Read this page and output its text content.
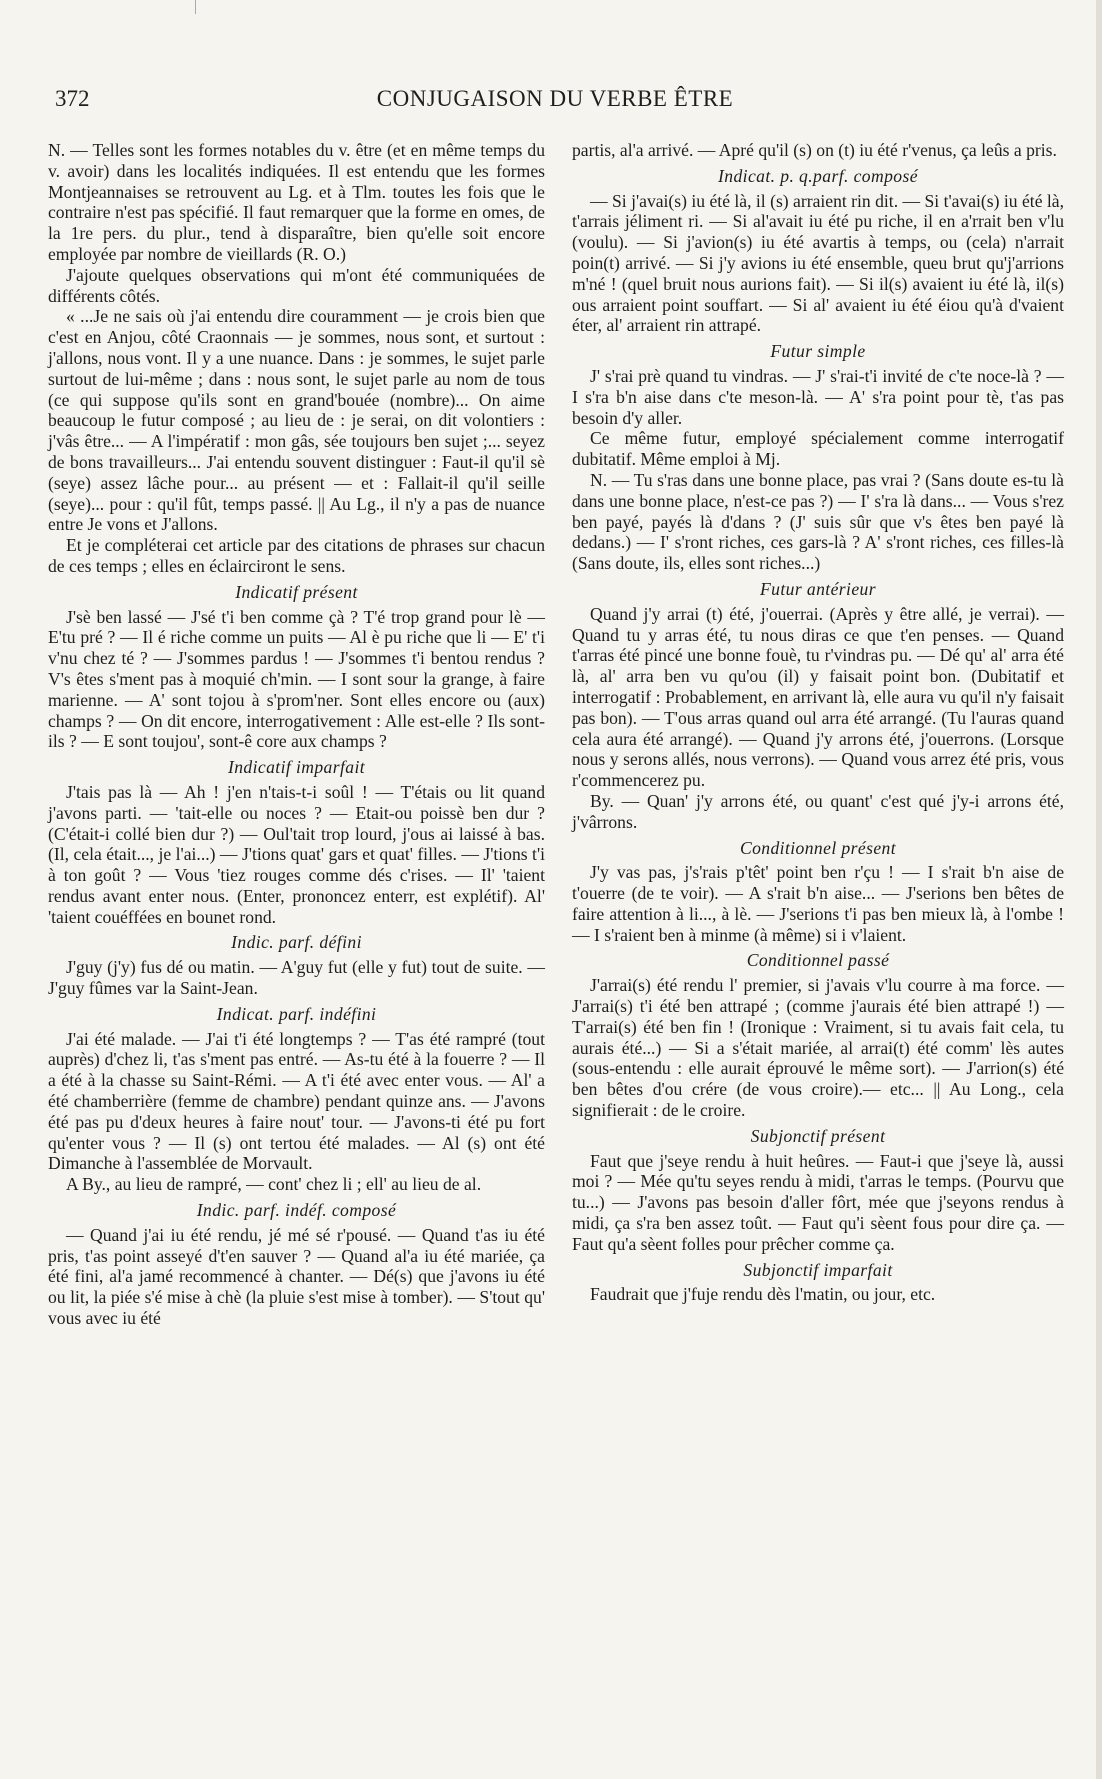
372	CONJUGAISON DU VERBE ÊTRE

N. — Telles sont les formes notables du v. être (et en même temps du v. avoir) dans les localités indiquées. Il est entendu que les formes Montjeannaises se retrouvent au Lg. et à Tlm. toutes les fois que le contraire n'est pas spécifié. Il faut remarquer que la forme en omes, de la 1re pers. du plur., tend à disparaître, bien qu'elle soit encore employée par nombre de vieillards (R. O.)

J'ajoute quelques observations qui m'ont été communiquées de différents côtés.

« ...Je ne sais où j'ai entendu dire couramment — je crois bien que c'est en Anjou, côté Craonnais — je sommes, nous sont, et surtout : j'allons, nous vont. Il y a une nuance. Dans : je sommes, le sujet parle surtout de lui-même ; dans : nous sont, le sujet parle au nom de tous (ce qui suppose qu'ils sont en grand'bouée (nombre)... On aime beaucoup le futur composé ; au lieu de : je serai, on dit volontiers : j'vâs être... — A l'impératif : mon gâs, sée toujours ben sujet ;... seyez de bons travailleurs... J'ai entendu souvent distinguer : Faut-il qu'il sè (seye) assez lâche pour... au présent — et : Fallait-il qu'il seille (seye)... pour : qu'il fût, temps passé. || Au Lg., il n'y a pas de nuance entre Je vons et J'allons.

Et je compléterai cet article par des citations de phrases sur chacun de ces temps ; elles en éclairciront le sens.

Indicatif présent

J'sè ben lassé — J'sé t'i ben comme çà ? T'é trop grand pour lè — E'tu pré ? — Il é riche comme un puits — Al è pu riche que li — E' t'i v'nu chez té ? — J'sommes pardus ! — J'sommes t'i bentou rendus ? V's êtes s'ment pas à moquié ch'min. — I sont sour la grange, à faire marienne. — A' sont tojou à s'prom'ner. Sont elles encore ou (aux) champs ? — On dit encore, interrogativement : Alle est-elle ? Ils sont-ils ? — E sont toujou', sont-ê core aux champs ?

Indicatif imparfait

J'tais pas là — Ah ! j'en n'tais-t-i soûl ! — T'étais ou lit quand j'avons parti. — 'tait-elle ou noces ? — Etait-ou poissè ben dur ? (C'était-i collé bien dur ?) — Oul'tait trop lourd, j'ous ai laissé à bas. (Il, cela était..., je l'ai...) — J'tions quat' gars et quat' filles. — J'tions t'i à ton goût ? — Vous 'tiez rouges comme dés c'rises. — Il' 'taient rendus avant enter nous. (Enter, prononcez enterr, est explétif). Al' 'taient couéffées en bounet rond.

Indic. parf. défini

J'guy (j'y) fus dé ou matin. — A'guy fut (elle y fut) tout de suite. — J'guy fûmes var la Saint-Jean.

Indicat. parf. indéfini

J'ai été malade. — J'ai t'i été longtemps ? — T'as été rampré (tout auprès) d'chez li, t'as s'ment pas entré. — As-tu été à la fouerre ? — Il a été à la chasse su Saint-Rémi. — A t'i été avec enter vous. — Al' a été chamberrière (femme de chambre) pendant quinze ans. — J'avons été pas pu d'deux heures à faire nout' tour. — J'avons-ti été pu fort qu'enter vous ? — Il (s) ont tertou été malades. — Al (s) ont été Dimanche à l'assemblée de Morvault.

A By., au lieu de rampré, — cont' chez li ; ell' au lieu de al.

Indic. parf. indéf. composé

— Quand j'ai iu été rendu, jé mé sé r'pousé. — Quand t'as iu été pris, t'as point asseyé d't'en sauver ? — Quand al'a iu été mariée, ça été fini, al'a jamé recommencé à chanter. — Dé(s) que j'avons iu été ou lit, la piée s'é mise à chè (la pluie s'est mise à tomber). — S'tout qu' vous avec iu été

partis, al'a arrivé. — Apré qu'il (s) on (t) iu été r'venus, ça leûs a pris.

Indicat. p. q.parf. composé

— Si j'avai(s) iu été là, il (s) arraient rin dit. — Si t'avai(s) iu été là, t'arrais jéliment ri. — Si al'avait iu été pu riche, il en a'rrait ben v'lu (voulu). — Si j'avion(s) iu été avartis à temps, ou (cela) n'arrait poin(t) arrivé. — Si j'y avions iu été ensemble, queu brut qu'j'arrions m'né ! (quel bruit nous aurions fait). — Si il(s) avaient iu été là, il(s) ous arraient point souffart. — Si al' avaient iu été éiou qu'à d'vaient éter, al' arraient rin attrapé.

Futur simple

J' s'rai prè quand tu vindras. — J' s'rai-t'i invité de c'te noce-là ? — I s'ra b'n aise dans c'te meson-là. — A' s'ra point pour tè, t'as pas besoin d'y aller.

Ce même futur, employé spécialement comme interrogatif dubitatif. Même emploi à Mj.

N. — Tu s'ras dans une bonne place, pas vrai ? (Sans doute es-tu là dans une bonne place, n'est-ce pas ?) — I' s'ra là dans... — Vous s'rez ben payé, payés là d'dans ? (J' suis sûr que v's êtes ben payé là dedans.) — I' s'ront riches, ces gars-là ? A' s'ront riches, ces filles-là (Sans doute, ils, elles sont riches...)

Futur antérieur

Quand j'y arrai (t) été, j'ouerrai. (Après y être allé, je verrai). — Quand tu y arras été, tu nous diras ce que t'en penses. — Quand t'arras été pincé une bonne fouè, tu r'vindras pu. — Dé qu' al' arra été là, al' arra ben vu qu'ou (il) y faisait point bon. (Dubitatif et interrogatif : Probablement, en arrivant là, elle aura vu qu'il n'y faisait pas bon). — T'ous arras quand oul arra été arrangé. (Tu l'auras quand cela aura été arrangé). — Quand j'y arrons été, j'ouerrons. (Lorsque nous y serons allés, nous verrons). — Quand vous arrez été pris, vous r'commencerez pu.

By. — Quan' j'y arrons été, ou quant' c'est qué j'y-i arrons été, j'vârrons.

Conditionnel présent

J'y vas pas, j's'rais p'têt' point ben r'çu ! — I s'rait b'n aise de t'ouerre (de te voir). — A s'rait b'n aise... — J'serions ben bêtes de faire attention à li..., à lè. — J'serions t'i pas ben mieux là, à l'ombe ! — I s'raient ben à minme (à même) si i v'laient.

Conditionnel passé

J'arrai(s) été rendu l' premier, si j'avais v'lu courre à ma force. — J'arrai(s) t'i été ben attrapé ; (comme j'aurais été bien attrapé !) — T'arrai(s) été ben fin ! (Ironique : Vraiment, si tu avais fait cela, tu aurais été...) — Si a s'était mariée, al arrai(t) été comm' lès autes (sous-entendu : elle aurait éprouvé le même sort). — J'arrion(s) été ben bêtes d'ou crére (de vous croire).— etc... || Au Long., cela signifierait : de le croire.

Subjonctif présent

Faut que j'seye rendu à huit heûres. — Faut-i que j'seye là, aussi moi ? — Mée qu'tu seyes rendu à midi, t'arras le temps. (Pourvu que tu...) — J'avons pas besoin d'aller fôrt, mée que j'seyons rendus à midi, ça s'ra ben assez toût. — Faut qu'i sèent fous pour dire ça. — Faut qu'a sèent folles pour prêcher comme ça.

Subjonctif imparfait

Faudrait que j'fuje rendu dès l'matin, ou jour, etc.
